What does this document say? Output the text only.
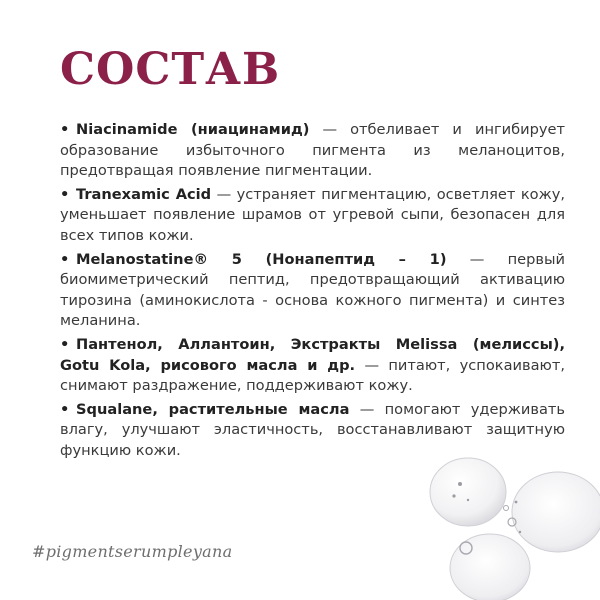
СОСТАВ
• Niacinamide (ниацинамид) — отбеливает и ингибирует образование избыточного пигмента из меланоцитов, предотвращая появление пигментации.
• Tranexamic Acid — устраняет пигментацию, осветляет кожу, уменьшает появление шрамов от угревой сыпи, безопасен для всех типов кожи.
• Melanostatine® 5 (Нонапептид – 1) — первый биомиметрический пептид, предотвращающий активацию тирозина (аминокислота - основа кожного пигмента) и синтез меланина.
• Пантенол, Аллантоин, Экстракты Melissa (мелиссы), Gotu Kola, рисового масла и др. — питают, успокаивают, снимают раздражение, поддерживают кожу.
• Squalane, растительные масла — помогают удерживать влагу, улучшают эластичность, восстанавливают защитную функцию кожи.
#pigmentserumpleyana
